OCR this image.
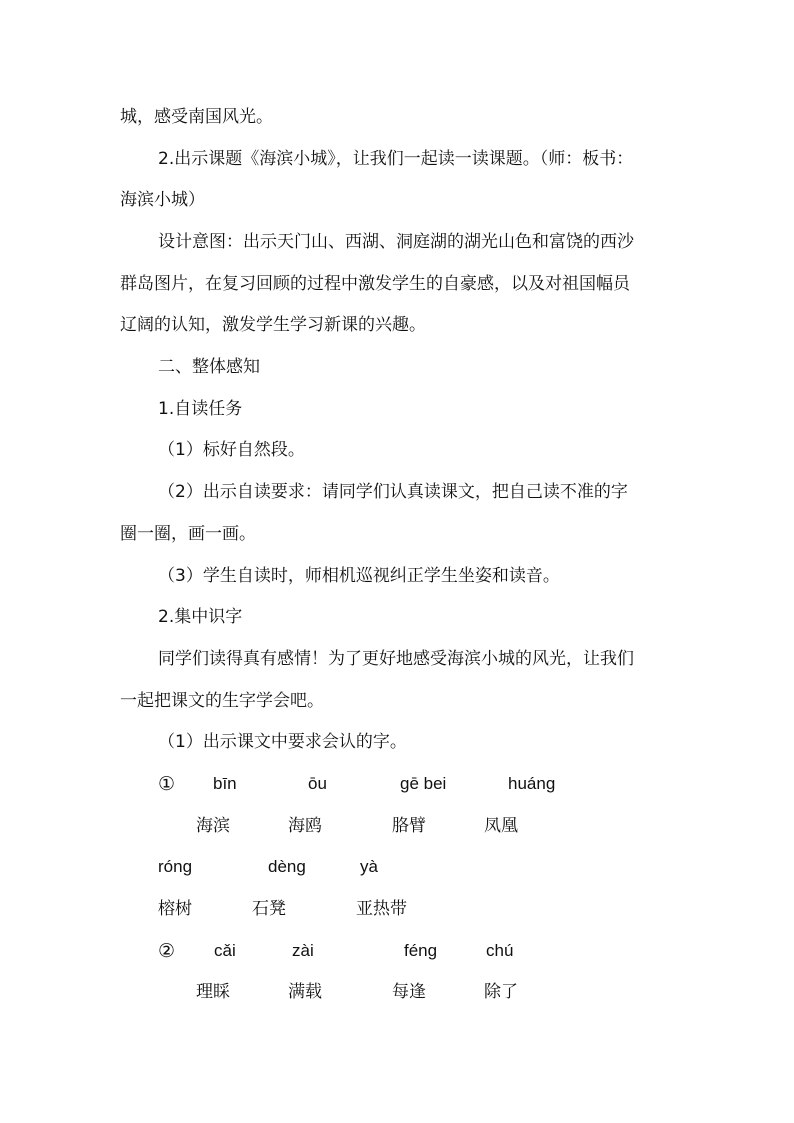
城，感受南国风光。
2.出示课题《海滨小城》，让我们一起读一读课题。（师：板书：
海滨小城）
设计意图：出示天门山、西湖、洞庭湖的湖光山色和富饶的西沙
群岛图片，在复习回顾的过程中激发学生的自豪感，以及对祖国幅员
辽阔的认知，激发学生学习新课的兴趣。
二、整体感知
1.自读任务
（1）标好自然段。
（2）出示自读要求：请同学们认真读课文，把自己读不准的字
圈一圈，画一画。
（3）学生自读时，师相机巡视纠正学生坐姿和读音。
2.集中识字
同学们读得真有感情！为了更好地感受海滨小城的风光，让我们
一起把课文的生字学会吧。
（1）出示课文中要求会认的字。
① bīn	ōu	gē bei	huáng
海滨	海鸥	胳臂	凤凰
róng	dèng	yà
榕树	石凳	亚热带
② cǎi	zài	féng	chú
理睬	满载	每逢	除了
